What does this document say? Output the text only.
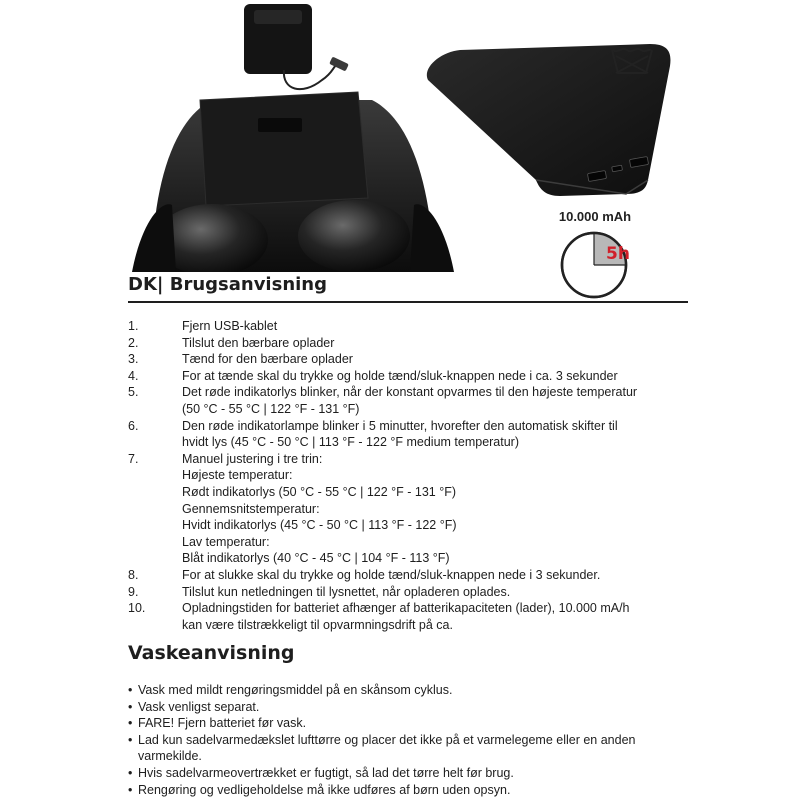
10.000 mAh
5h
DK| Brugsanvisning
1.	Fjern USB-kablet
2.	Tilslut den bærbare oplader
3.	Tænd for den bærbare oplader
4.	For at tænde skal du trykke og holde tænd/sluk-knappen nede i ca. 3 sekunder
5.	Det røde indikatorlys blinker, når der konstant opvarmes til den højeste temperatur
(50 °C - 55 °C | 122 °F - 131 °F)
6.	Den røde indikatorlampe blinker i 5 minutter, hvorefter den automatisk skifter til
hvidt lys (45 °C - 50 °C | 113 °F - 122 °F medium temperatur)
7.	Manuel justering i tre trin:
Højeste temperatur:
Rødt indikatorlys (50 °C - 55 °C | 122 °F - 131 °F)
Gennemsnitstemperatur:
Hvidt indikatorlys (45 °C - 50 °C | 113 °F - 122 °F)
Lav temperatur:
Blåt indikatorlys (40 °C - 45 °C | 104 °F - 113 °F)
8.	For at slukke skal du trykke og holde tænd/sluk-knappen nede i 3 sekunder.
9.	Tilslut kun netledningen til lysnettet, når opladeren oplades.
10.	Opladningstiden for batteriet afhænger af batterikapaciteten (lader), 10.000 mA/h
kan være tilstrækkeligt til opvarmningsdrift på ca.
Vaskeanvisning
• Vask med mildt rengøringsmiddel på en skånsom cyklus.
• Vask venligst separat.
• FARE! Fjern batteriet før vask.
• Lad kun sadelvarmedækslet lufttørre og placer det ikke på et varmelegeme eller en anden
varmekilde.
• Hvis sadelvarmeovertrækket er fugtigt, så lad det tørre helt før brug.
• Rengøring og vedligeholdelse må ikke udføres af børn uden opsyn.
